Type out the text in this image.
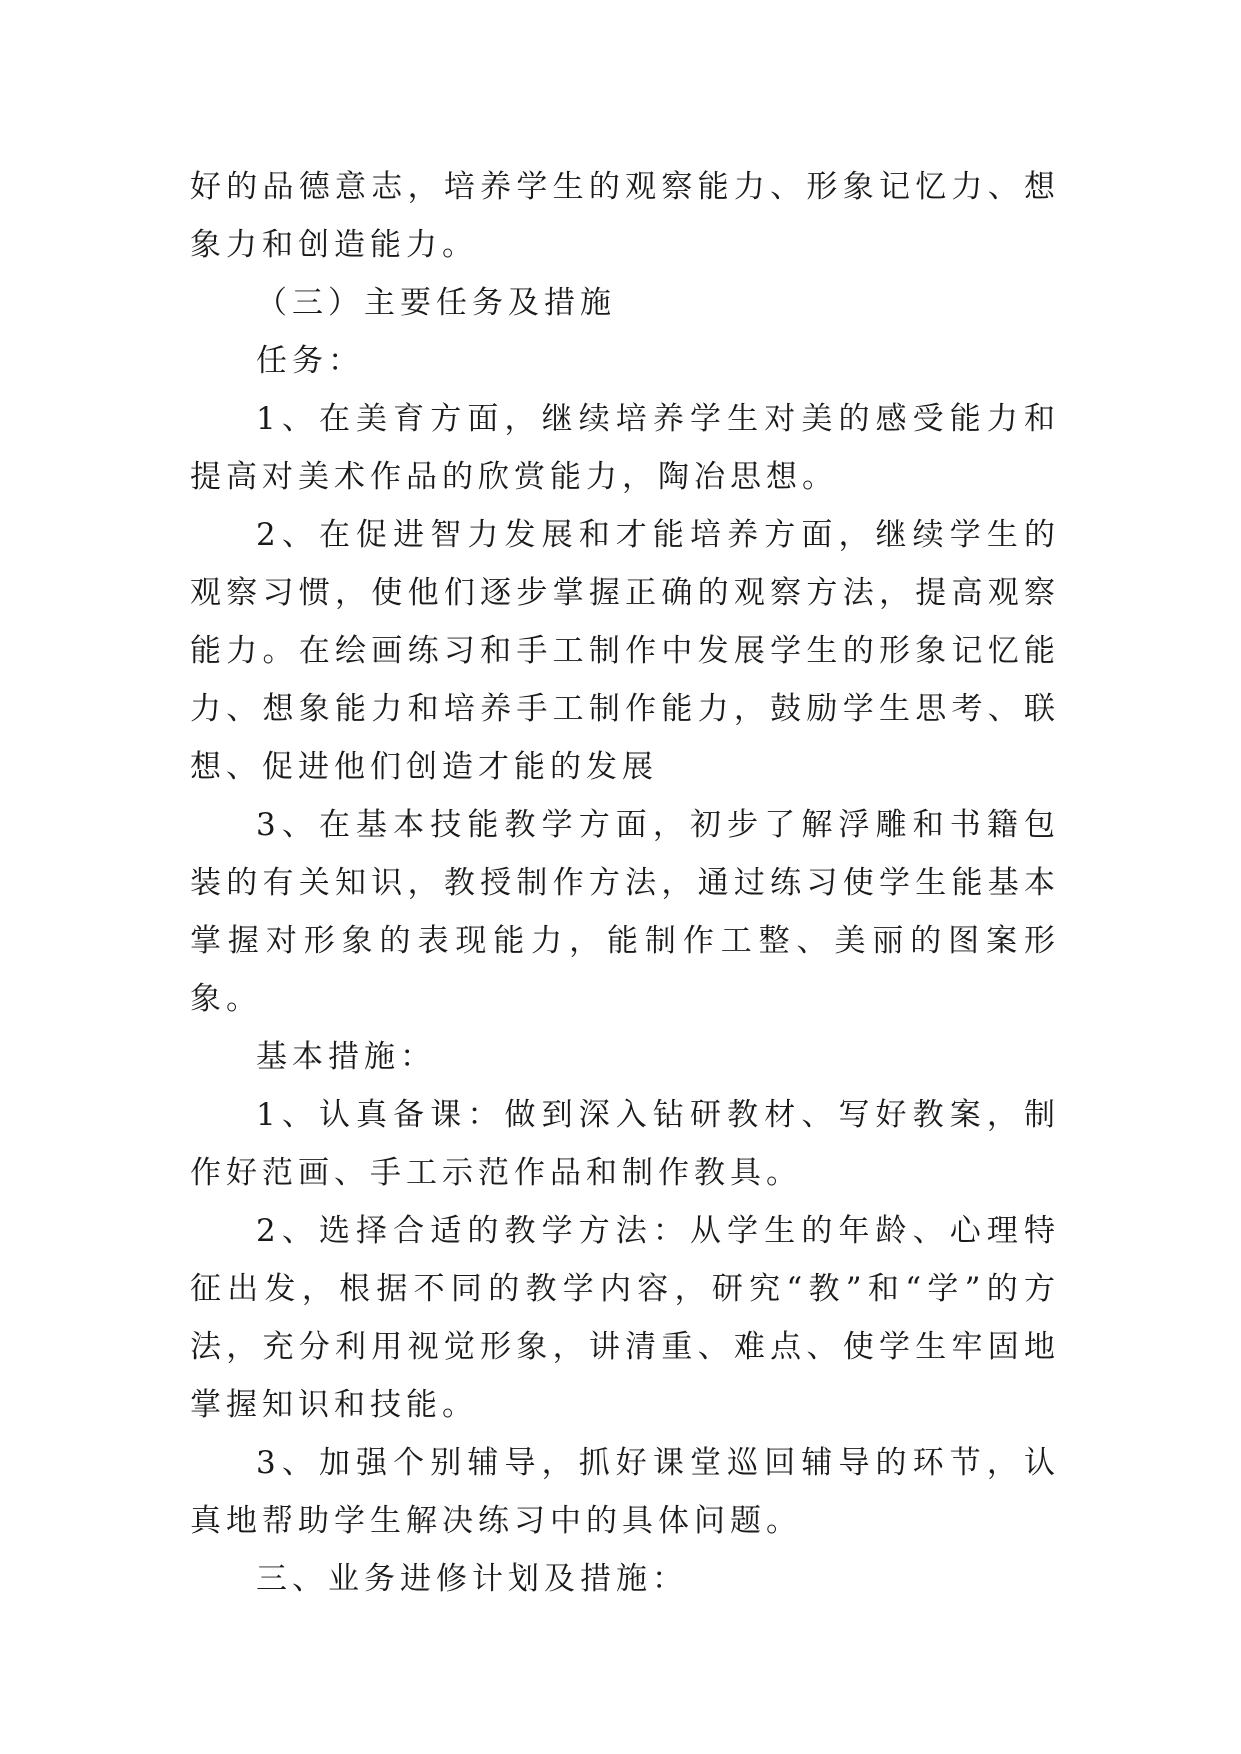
好的品德意志，培养学生的观察能力、形象记忆力、想象力和创造能力。

（三）主要任务及措施

任务：

1、在美育方面，继续培养学生对美的感受能力和提高对美术作品的欣赏能力，陶冶思想。

2、在促进智力发展和才能培养方面，继续学生的观察习惯，使他们逐步掌握正确的观察方法，提高观察能力。在绘画练习和手工制作中发展学生的形象记忆能力、想象能力和培养手工制作能力，鼓励学生思考、联想、促进他们创造才能的发展

3、在基本技能教学方面，初步了解浮雕和书籍包装的有关知识，教授制作方法，通过练习使学生能基本掌握对形象的表现能力，能制作工整、美丽的图案形象。

基本措施：

1、认真备课：做到深入钻研教材、写好教案，制作好范画、手工示范作品和制作教具。

2、选择合适的教学方法：从学生的年龄、心理特征出发，根据不同的教学内容，研究“教”和“学”的方法，充分利用视觉形象，讲清重、难点、使学生牢固地掌握知识和技能。

3、加强个别辅导，抓好课堂巡回辅导的环节，认真地帮助学生解决练习中的具体问题。

三、业务进修计划及措施：
